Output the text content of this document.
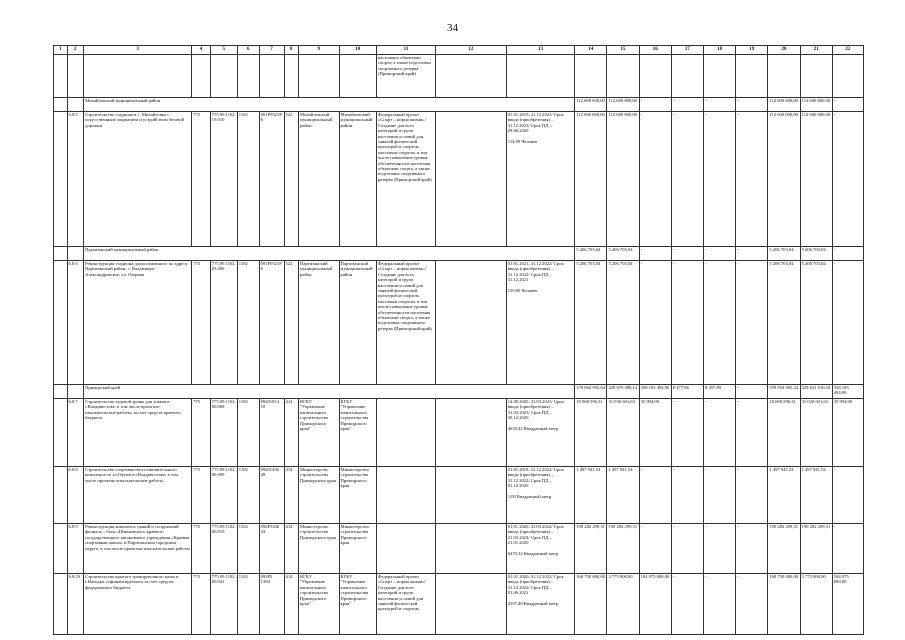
34
1	2	3	4	5	6	7	8	9	10	11	12	13	14	15	16	17	18	19	20	21	22
										настоящих объектами спорта, а также подготовка спортивного резерва (Приморский край)											
		Михайловский муниципальный район											112 600 000,00	112 600 000,00	-	-	-	-	112 600 000,00	112 600 000,00	-
	6.8.5	Строительство стадиона в с. Михайловка с искусственным покрытием и устройством беговой дорожки	775	775.09.1102.19.010	1102	091Р5921Р6	522	Михайловский муниципальный район	Михайловский муниципальный район	Федеральный проект «Спорт – норма жизни»/Создание для всех категорий и групп населения условий для занятий физической культурой и спортом, массовым спортом, в том числе повышение уровня обеспеченности населения объектами спорта, а также подготовка спортивного резерва (Приморский край)		01.01.2019–31.12.2023/ Срок ввода (приобретения) – 31.12.2023/ Срок ПД – 29.06.2020

114,99 Человек	112 600 000,00	112 600 000,00	-	-	-	-	112 600 000,00	112 600 000,00	-
		Партизанский муниципальный район											5 206 703,04	5 206 703,04	-	-	-	-	5 206 703,04	5 206 703,04	-
	6.8.6	Реконструкция стадиона, расположенного по адресу Партизанский район, с. Владимиро-Александровское, ул. Озерная	775	775.09.1102.23.006	1102	091Р5921Р6	522	Партизанский муниципальный район	Партизанский муниципальный район	Федеральный проект «Спорт – норма жизни»/Создание для всех категорий и групп населения условий для занятий физической культурой и спортом, массовым спортом, в том числе повышение уровня обеспеченности населения объектами спорта, а также подготовка спортивного резерва (Приморский край)		01.01.2021–31.12.2022/ Срок ввода (приобретения) – 31.12.2022/ Срок ПД – 31.12.2021

150,00 Человек	5 206 703,04	5 206 703,04	-	-	-	-	5 206 703,04	5 206 703,04	-
		Приморский край											378 862 993,04	229 679 488,14	358 183 494,90	8 477,86	8 457,89	-	378 854 905,24	229 631 010,34	358 183 494,90
	6.8.7	Строительство ледовой арены для хоккея в г.Владивостоке, в том числе проектно-изыскательские работы, за счет средств краевого бюджета	775	775.09.1102.00.008	1102	09201814 10	414	КГКУ "Управление капитального строительства Приморского края"	КГКУ "Управление капитального строительства Приморского края"			14.08.2020–31.03.2023/ Срок ввода (приобретения) – 31.03.2023/ Срок ПД – 30.12.2020

4639,42 Квадратный метр	18 068 596,31	31 030 601,63	35 994,90	-	-	-	18 068 596,31	31 020 601,63	35 994,90
	6.8.8	Строительство спортивно-восстановительного комплекса по ул.Героев в г.Владивостоке, в том числе проектно-изыскательские работы	775	775.09.1102.00.009	1102	09201436 49	414	Министерство строительства Приморского края	Министерство строительства Приморского края			01.01.2018–31.12.2022/ Срок ввода (приобретения) – 31.12.2022/ Срок ПД – 01.10.2020

1,00 Квадратный метр	1 497 941,54	1 497 941,54	-	-	-	-	1 497 941,54	1 497 941,54	-
	6.8.9	Реконструкция комплекса зданий и сооружений филиала – базы «Шмаковского краевого государственного автономного учреждения «Краевая спортивная школа» в Партизанском городском округе, в том числе проектно-изыскательские работы	775	775.09.1102.00.010	1102	092Р5436 43	414	Министерство строительства Приморского края	Министерство строительства Приморского края			01.01.2020–31.03.2024/ Срок ввода (приобретения) – 31.03.2024/ Срок ПД – 21.01.2020

6470,34 Квадратный метр	190 282 299,31	190 282 299,31	-	-	-	-	190 282 299,31	190 282 299,31	-
	6.8.10	Строительство крытого тренировочного катка в г.Находка, софинансируемого за счет средств федерального бюджета	775	775.09.1102.00.041	1102	092Р5 1394	414	КГКУ "Управление капитального строительства Приморского края"	КГКУ "Управление капитального строительства Приморского края"	Федеральный проект «Спорт – норма жизни»/Создание для всех категорий и групп населения условий для занятий физической культурой и спортом,		01.01.2020–31.12.2022/ Срок ввода (приобретения) – 31.12.2022/ Срок ПД – 01.06.2021

2597,40 Квадратный метр	168 750 000,00	3 775 000,00	184 975 000,00	-	-	-	168 750 000,00	3 775 000,00	184 975 000,00
